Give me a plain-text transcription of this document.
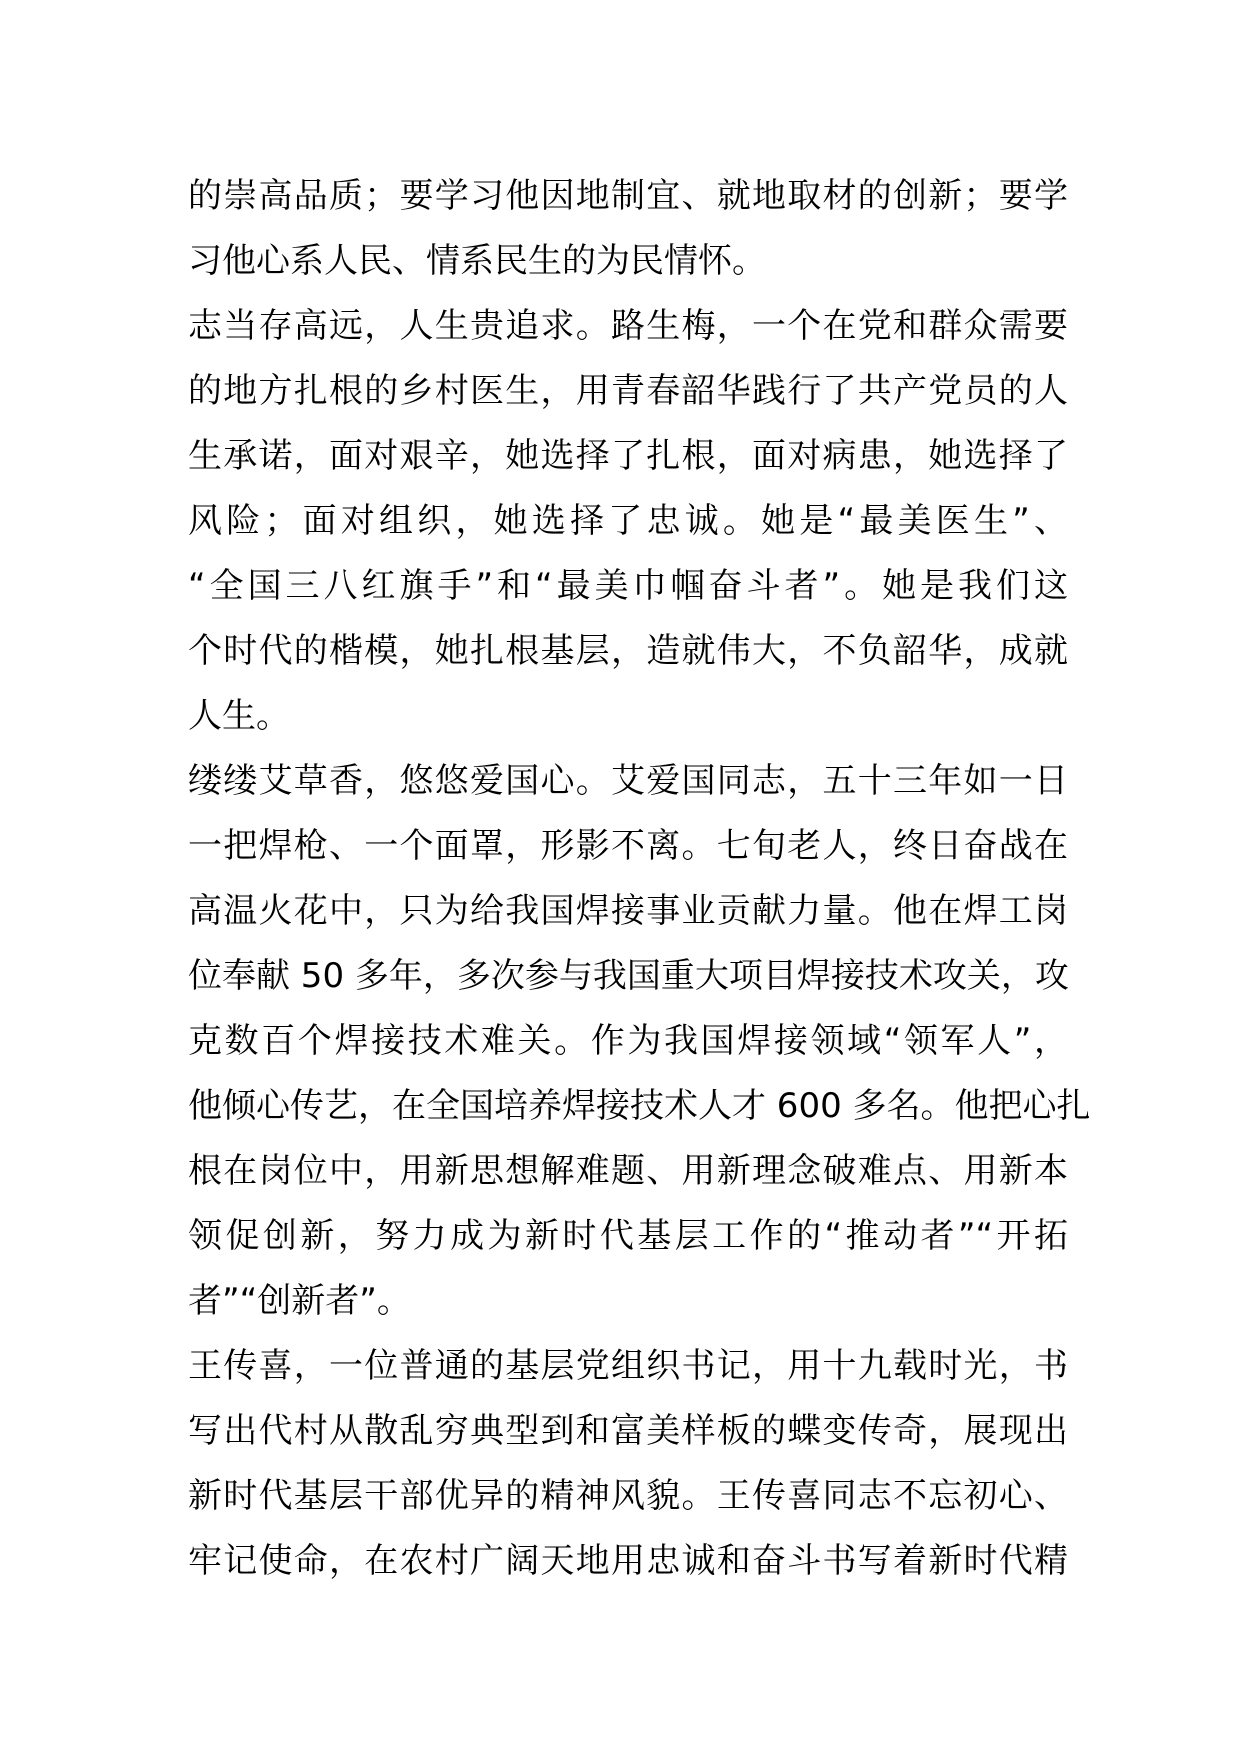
的崇高品质；要学习他因地制宜、就地取材的创新；要学
习他心系人民、情系民生的为民情怀。
志当存高远，人生贵追求。路生梅，一个在党和群众需要
的地方扎根的乡村医生，用青春韶华践行了共产党员的人
生承诺，面对艰辛，她选择了扎根，面对病患，她选择了
风险；面对组织，她选择了忠诚。她是“最美医生”、
“全国三八红旗手”和“最美巾帼奋斗者”。她是我们这
个时代的楷模，她扎根基层，造就伟大，不负韶华，成就
人生。
缕缕艾草香，悠悠爱国心。艾爱国同志，五十三年如一日
一把焊枪、一个面罩，形影不离。七旬老人，终日奋战在
高温火花中，只为给我国焊接事业贡献力量。他在焊工岗
位奉献 50 多年，多次参与我国重大项目焊接技术攻关，攻
克数百个焊接技术难关。作为我国焊接领域“领军人”，
他倾心传艺，在全国培养焊接技术人才 600 多名。他把心扎
根在岗位中，用新思想解难题、用新理念破难点、用新本
领促创新，努力成为新时代基层工作的“推动者”“开拓
者”“创新者”。
王传喜，一位普通的基层党组织书记，用十九载时光，书
写出代村从散乱穷典型到和富美样板的蝶变传奇，展现出
新时代基层干部优异的精神风貌。王传喜同志不忘初心、
牢记使命，在农村广阔天地用忠诚和奋斗书写着新时代精
